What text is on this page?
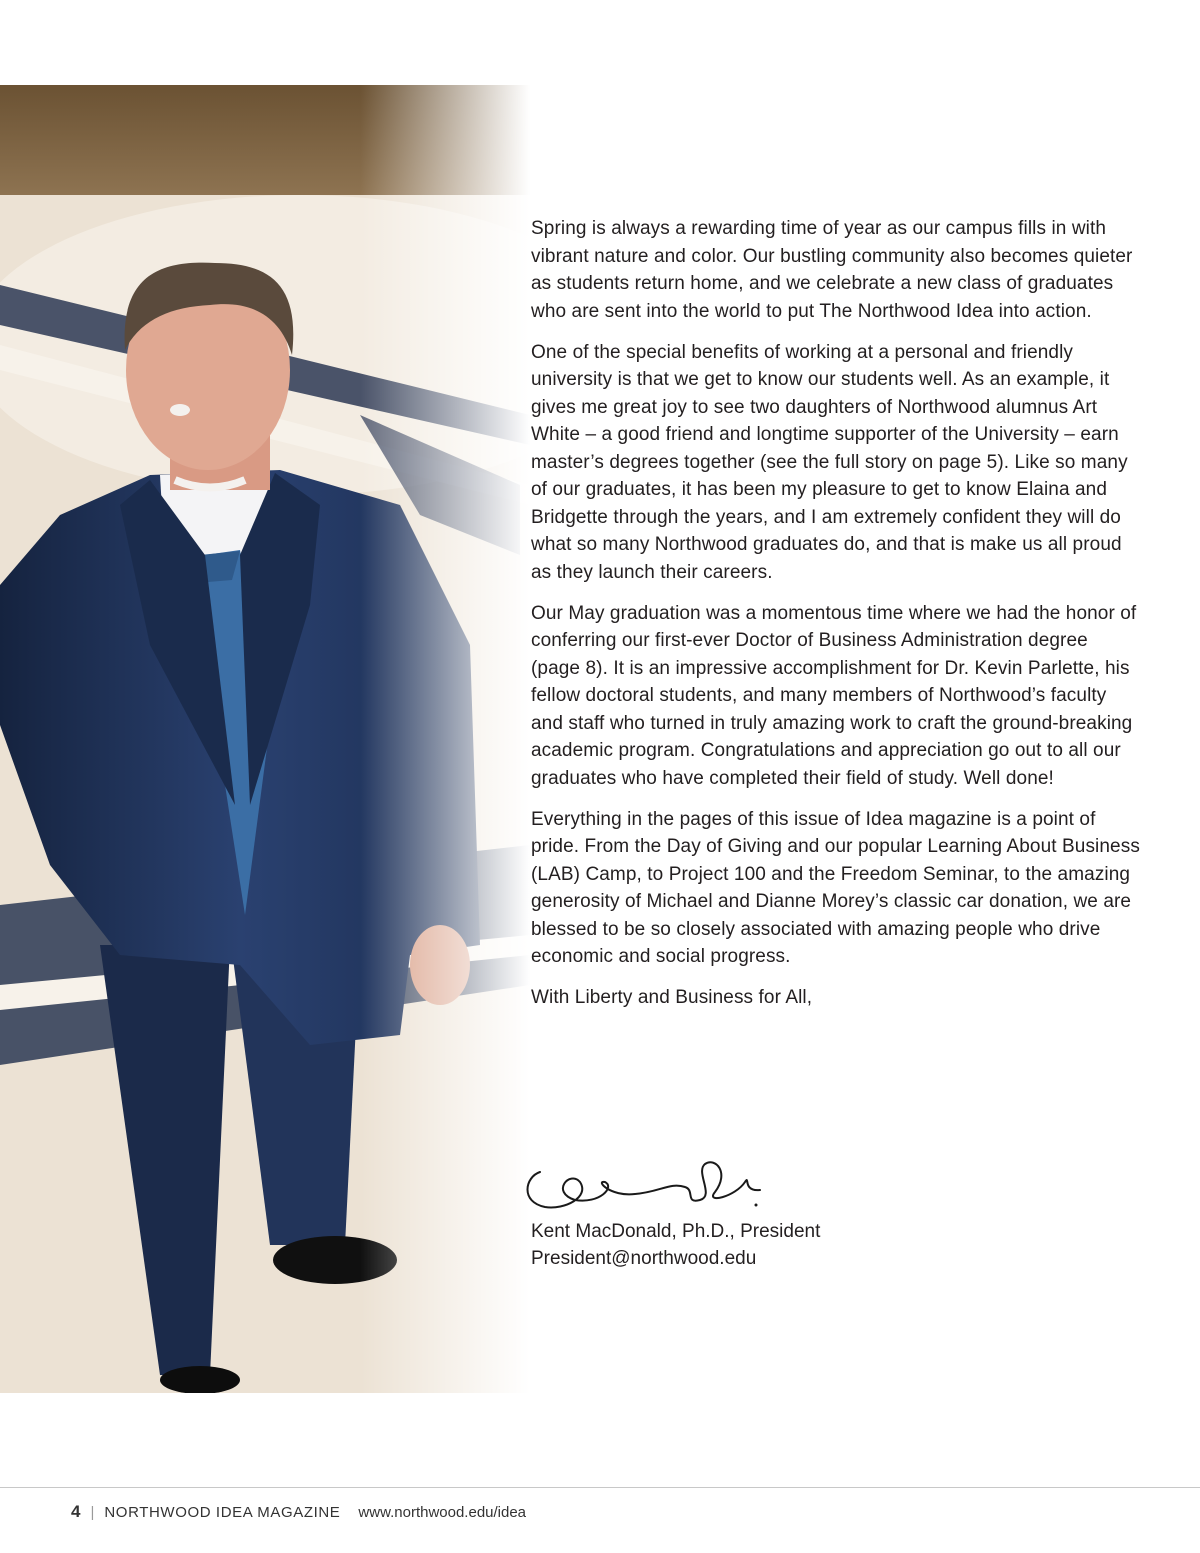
Spring is always a rewarding time of year as our campus fills in with vibrant nature and color. Our bustling community also becomes quieter as students return home, and we celebrate a new class of graduates who are sent into the world to put The Northwood Idea into action.

One of the special benefits of working at a personal and friendly university is that we get to know our students well. As an example, it gives me great joy to see two daughters of Northwood alumnus Art White – a good friend and longtime supporter of the University – earn master’s degrees together (see the full story on page 5). Like so many of our graduates, it has been my pleasure to get to know Elaina and Bridgette through the years, and I am extremely confident they will do what so many Northwood graduates do, and that is make us all proud as they launch their careers.

Our May graduation was a momentous time where we had the honor of conferring our first-ever Doctor of Business Administration degree (page 8). It is an impressive accomplishment for Dr. Kevin Parlette, his fellow doctoral students, and many members of Northwood’s faculty and staff who turned in truly amazing work to craft the ground-breaking academic program. Congratulations and appreciation go out to all our graduates who have completed their field of study. Well done!

Everything in the pages of this issue of Idea magazine is a point of pride. From the Day of Giving and our popular Learning About Business (LAB) Camp, to Project 100 and the Freedom Seminar, to the amazing generosity of Michael and Dianne Morey’s classic car donation, we are blessed to be so closely associated with amazing people who drive economic and social progress.

With Liberty and Business for All,

Kent MacDonald, Ph.D., President
President@northwood.edu
4 | NORTHWOOD IDEA MAGAZINE www.northwood.edu/idea
